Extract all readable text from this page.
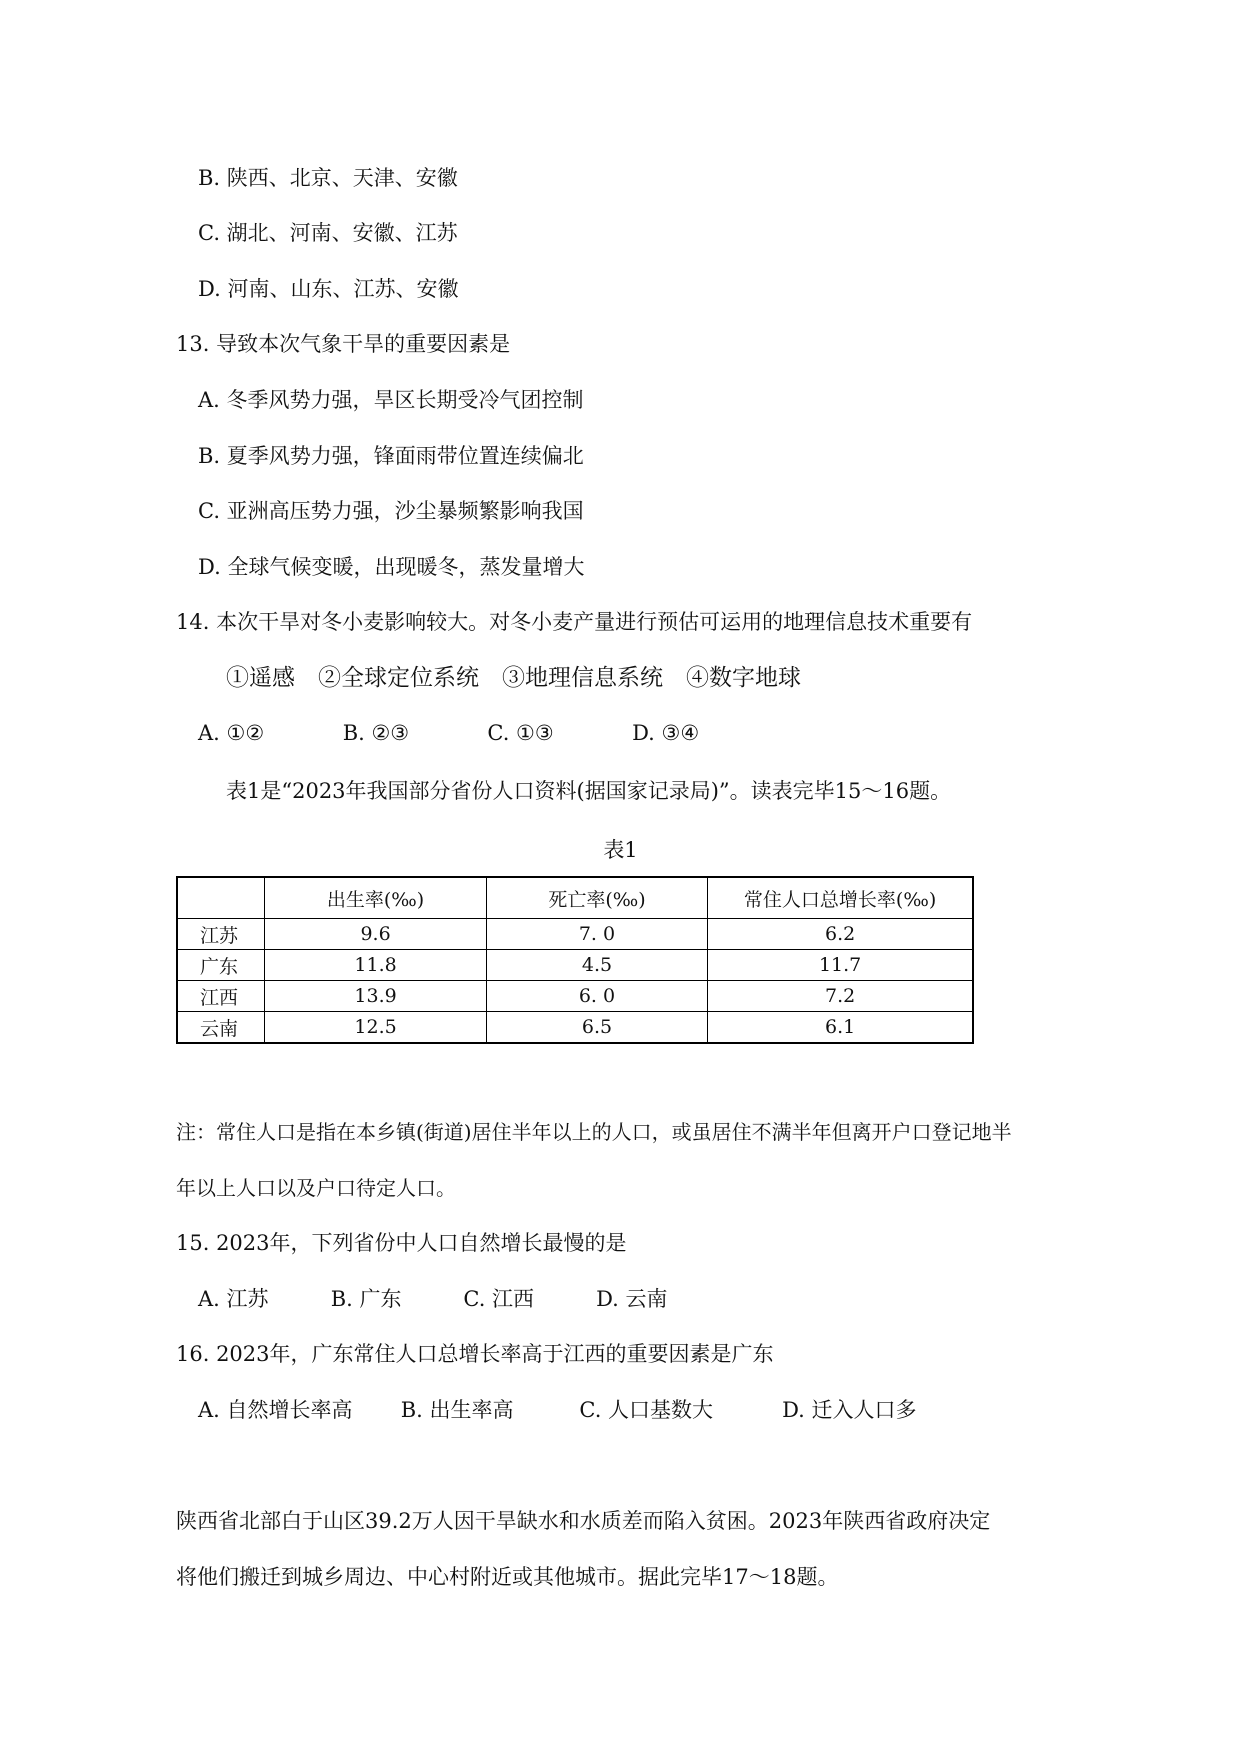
B. 陕西、北京、天津、安徽
C. 湖北、河南、安徽、江苏
D. 河南、山东、江苏、安徽
13. 导致本次气象干旱的重要因素是
A. 冬季风势力强，旱区长期受冷气团控制
B. 夏季风势力强，锋面雨带位置连续偏北
C. 亚洲高压势力强，沙尘暴频繁影响我国
D. 全球气候变暖，出现暖冬，蒸发量增大
14. 本次干旱对冬小麦影响较大。对冬小麦产量进行预估可运用的地理信息技术重要有
①遥感　②全球定位系统　③地理信息系统　④数字地球
A. ①②	B. ②③	C. ①③	D. ③④
表1是“2023年我国部分省份人口资料(据国家记录局)”。读表完毕15～16题。
表1
	出生率(‰)	死亡率(‰)	常住人口总增长率(‰)
江苏	9.6	7. 0	6.2
广东	11.8	4.5	11.7
江西	13.9	6. 0	7.2
云南	12.5	6.5	6.1
注：常住人口是指在本乡镇(街道)居住半年以上的人口，或虽居住不满半年但离开户口登记地半
年以上人口以及户口待定人口。
15. 2023年，下列省份中人口自然增长最慢的是
A. 江苏	B. 广东	C. 江西	D. 云南
16. 2023年，广东常住人口总增长率高于江西的重要因素是广东
A. 自然增长率高 B. 出生率高	C. 人口基数大	D. 迁入人口多
陕西省北部白于山区39.2万人因干旱缺水和水质差而陷入贫困。2023年陕西省政府决定
将他们搬迁到城乡周边、中心村附近或其他城市。据此完毕17～18题。
